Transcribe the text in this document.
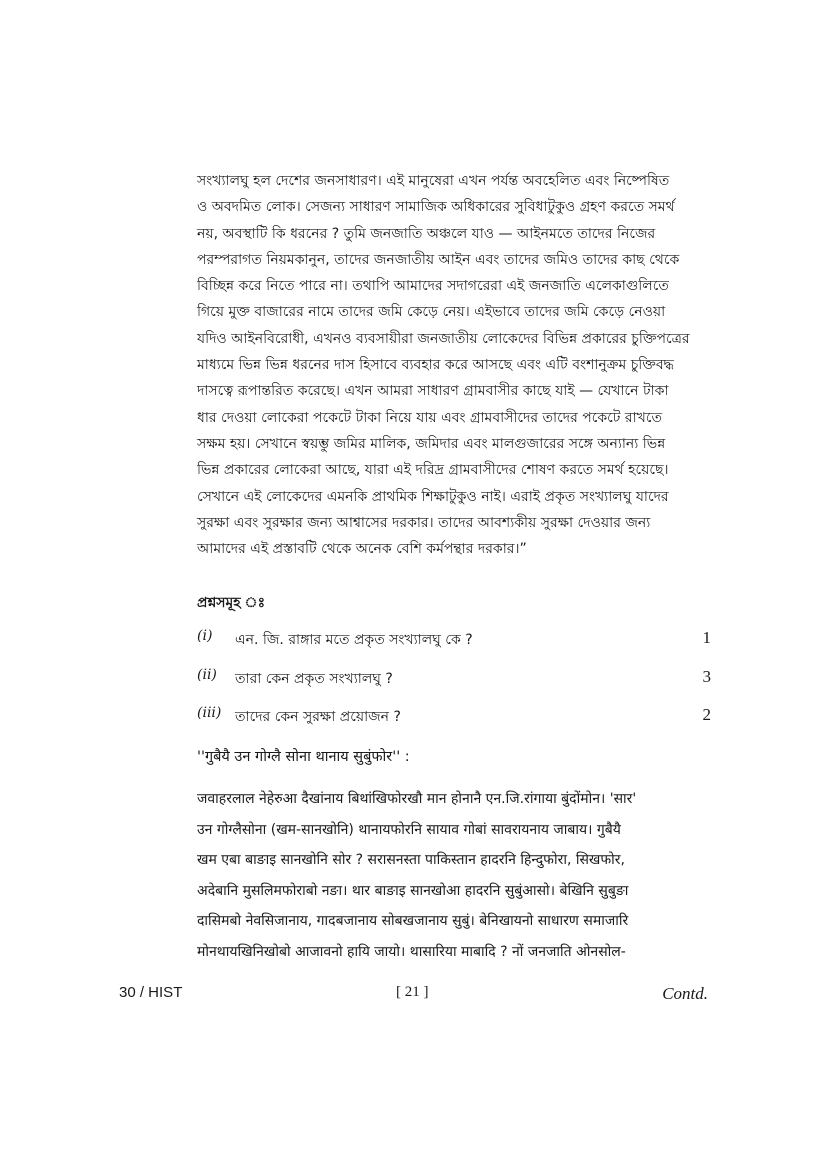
সংখ্যালঘু হল দেশের জনসাধারণ। এই মানুষেরা এখন পর্যন্ত অবহেলিত এবং নিষ্পেষিত
ও অবদমিত লোক। সেজন্য সাধারণ সামাজিক অধিকারের সুবিধাটুকুও গ্রহণ করতে সমর্থ
নয়, অবস্থাটি কি ধরনের ? তুমি জনজাতি অঞ্চলে যাও — আইনমতে তাদের নিজের
পরম্পরাগত নিয়মকানুন, তাদের জনজাতীয় আইন এবং তাদের জমিও তাদের কাছ থেকে
বিচ্ছিন্ন করে নিতে পারে না। তথাপি আমাদের সদাগরেরা এই জনজাতি এলেকাগুলিতে
গিয়ে মুক্ত বাজারের নামে তাদের জমি কেড়ে নেয়। এইভাবে তাদের জমি কেড়ে নেওয়া
যদিও আইনবিরোধী, এখনও ব্যবসায়ীরা জনজাতীয় লোকেদের বিভিন্ন প্রকারের চুক্তিপত্রের
মাধ্যমে ভিন্ন ভিন্ন ধরনের দাস হিসাবে ব্যবহার করে আসছে এবং এটি বংশানুক্রম চুক্তিবদ্ধ
দাসত্বে রূপান্তরিত করেছে। এখন আমরা সাধারণ গ্রামবাসীর কাছে যাই — যেখানে টাকা
ধার দেওয়া লোকেরা পকেটে টাকা নিয়ে যায় এবং গ্রামবাসীদের তাদের পকেটে রাখতে
সক্ষম হয়। সেখানে স্বয়ম্ভু জমির মালিক, জমিদার এবং মালগুজারের সঙ্গে অন্যান্য ভিন্ন
ভিন্ন প্রকারের লোকেরা আছে, যারা এই দরিদ্র গ্রামবাসীদের শোষণ করতে সমর্থ হয়েছে।
সেখানে এই লোকেদের এমনকি প্রাথমিক শিক্ষাটুকুও নাই। এরাই প্রকৃত সংখ্যালঘু যাদের
সুরক্ষা এবং সুরক্ষার জন্য আশ্বাসের দরকার। তাদের আবশ্যকীয় সুরক্ষা দেওয়ার জন্য
আমাদের এই প্রস্তাবটি থেকে অনেক বেশি কর্মপন্থার দরকার।”
প্রশ্নসমূহ ঃ
(i) এন. জি. রাঙ্গার মতে প্রকৃত সংখ্যালঘু কে ?	1
(ii) তারা কেন প্রকৃত সংখ্যালঘু ?	3
(iii) তাদের কেন সুরক্ষা প্রয়োজন ?	2
''गुबैयै उन गोग्लै सोना थानाय सुबुंफोर'' :
जवाहरलाल नेहेरुआ दैखांनाय बिथांखिफोरखौ मान होनानै एन.जि.रांगाया बुंदोंमोन। 'सार'
उन गोग्लैसोना (खम-सानखोनि) थानायफोरनि सायाव गोबां सावरायनाय जाबाय। गुबैयै
खम एबा बाङाइ सानखोनि सोर ? सरासनस्ता पाकिस्तान हादरनि हिन्दुफोरा, सिखफोर,
अदेबानि मुसलिमफोराबो नङा। थार बाङाइ सानखोआ हादरनि सुबुंआसो। बेखिनि सुबुङा
दासिमबो नेवसिजानाय, गादबजानाय सोबखजानाय सुबुं। बेनिखायनो साधारण समाजारि
मोनथायखिनिखोबो आजावनो हायि जायो। थासारिया माबादि ? नों जनजाति ओनसोल-
30 / HIST	[ 21 ]	Contd.
